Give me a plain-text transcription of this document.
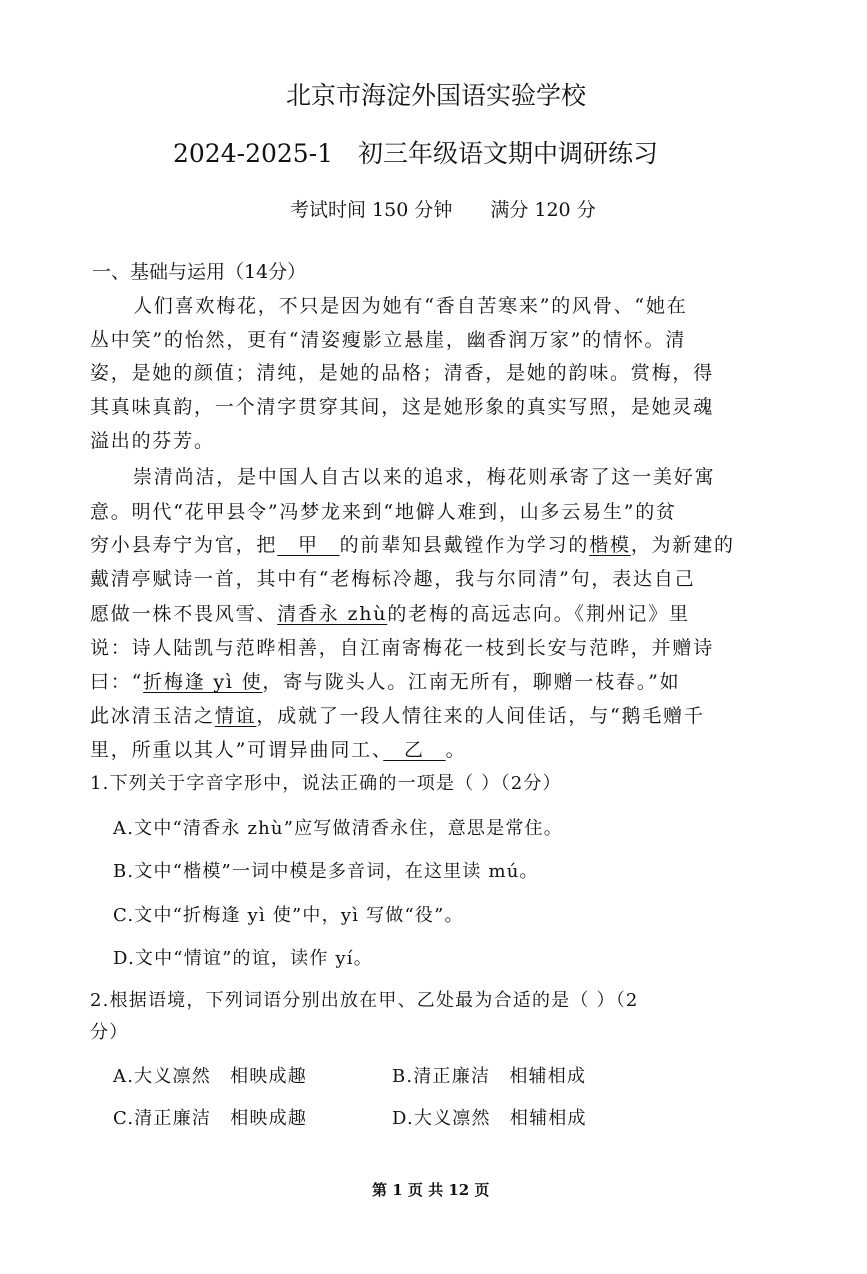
北京市海淀外国语实验学校
2024-2025-1　初三年级语文期中调研练习
考试时间 150 分钟　　满分 120 分
一、基础与运用（14分）
人们喜欢梅花，不只是因为她有“香自苦寒来”的风骨、“她在
丛中笑”的怡然，更有“清姿瘦影立悬崖，幽香润万家”的情怀。清
姿，是她的颜值；清纯，是她的品格；清香，是她的韵味。赏梅，得
其真味真韵，一个清字贯穿其间，这是她形象的真实写照，是她灵魂
溢出的芬芳。
崇清尚洁，是中国人自古以来的追求，梅花则承寄了这一美好寓
意。明代“花甲县令”冯梦龙来到“地僻人难到，山多云易生”的贫
穷小县寿宁为官，把　甲　的前辈知县戴镗作为学习的楷模，为新建的
戴清亭赋诗一首，其中有“老梅标冷趣，我与尔同清”句，表达自己
愿做一株不畏风雪、清香永 zhù的老梅的高远志向。《荆州记》里
说：诗人陆凯与范晔相善，自江南寄梅花一枝到长安与范晔，并赠诗
曰：“折梅逢 yì 使，寄与陇头人。江南无所有，聊赠一枝春。”如
此冰清玉洁之情谊，成就了一段人情往来的人间佳话，与“鹅毛赠千
里，所重以其人”可谓异曲同工、　乙　。
1.下列关于字音字形中，说法正确的一项是（ ）（2分）
A.文中“清香永 zhù”应写做清香永住，意思是常住。
B.文中“楷模”一词中模是多音词，在这里读 mú。
C.文中“折梅逢 yì 使”中，yì 写做“役”。
D.文中“情谊”的谊，读作 yí。
2.根据语境，下列词语分别出放在甲、乙处最为合适的是（ ）（2
分）
A.大义凛然　相映成趣	B.清正廉洁　相辅相成
C.清正廉洁　相映成趣	D.大义凛然　相辅相成
第 1 页 共 12 页
